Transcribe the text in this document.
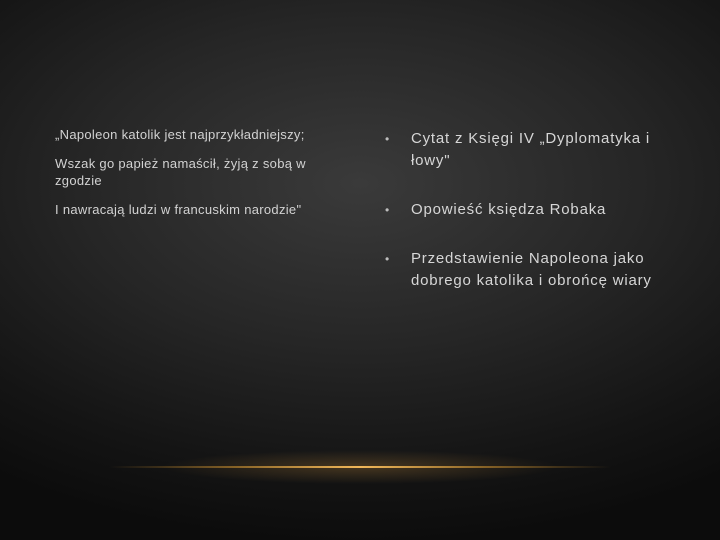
„Napoleon katolik jest najprzykładniejszy;

Wszak go papież namaścił, żyją z sobą w zgodzie

I nawracają ludzi w francuskim narodzie"

•	Cytat z Księgi IV „Dyplomatyka i łowy"
•	Opowieść księdza Robaka
•	Przedstawienie Napoleona jako dobrego katolika i obrońcę wiary
